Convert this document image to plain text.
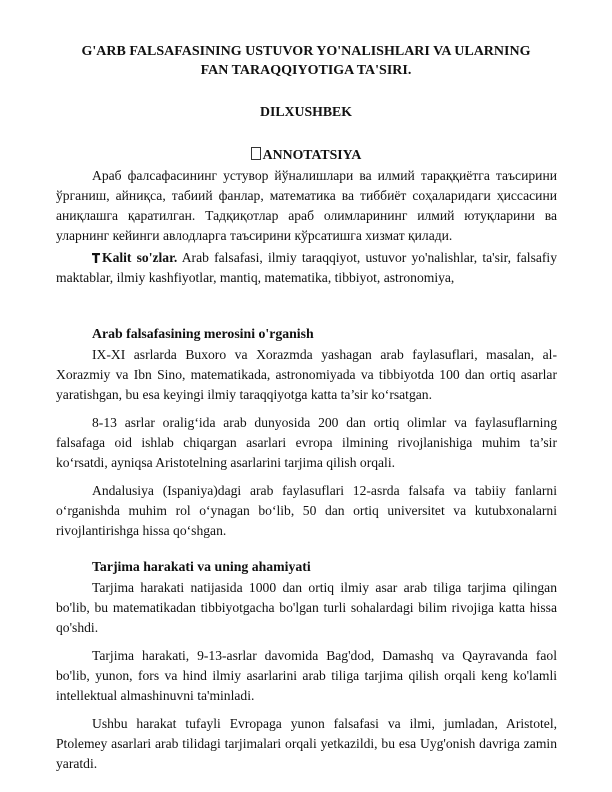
G'ARB FALSAFASINING USTUVOR YO'NALISHLARI VA ULARNING
FAN TARAQQIYOTIGA TA'SIRI.
DILXUSHBEK
ANNOTATSIYA

Араб фалсафасининг устувор йўналишлари ва илмий тараққиётга таъсирини ўрганиш, айниқса, табиий фанлар, математика ва тиббиёт соҳаларидаги ҳиссасини аниқлашга қаратилган. Тадқиқотлар араб олимларининг илмий ютуқларини ва уларнинг кейинги авлодларга таъсирини кўрсатишга хизмат қилади.

Kalit so'zlar. Arab falsafasi, ilmiy taraqqiyot, ustuvor yo'nalishlar, ta'sir, falsafiy maktablar, ilmiy kashfiyotlar, mantiq, matematika, tibbiyot, astronomiya,

Arab falsafasining merosini o'rganish

IX-XI asrlarda Buxoro va Xorazmda yashagan arab faylasuflari, masalan, al-Xorazmiy va Ibn Sino, matematikada, astronomiyada va tibbiyotda 100 dan ortiq asarlar yaratishgan, bu esa keyingi ilmiy taraqqiyotga katta ta’sir ko‘rsatgan.

8-13 asrlar oralig‘ida arab dunyosida 200 dan ortiq olimlar va faylasuflarning falsafaga oid ishlab chiqargan asarlari evropa ilmining rivojlanishiga muhim ta’sir ko‘rsatdi, ayniqsa Aristotelning asarlarini tarjima qilish orqali.

Andalusiya (Ispaniya)dagi arab faylasuflari 12-asrda falsafa va tabiiy fanlarni o‘rganishda muhim rol o‘ynagan bo‘lib, 50 dan ortiq universitet va kutubxonalarni rivojlantirishga hissa qo‘shgan.

Tarjima harakati va uning ahamiyati

Tarjima harakati natijasida 1000 dan ortiq ilmiy asar arab tiliga tarjima qilingan bo'lib, bu matematikadan tibbiyotgacha bo'lgan turli sohalardagi bilim rivojiga katta hissa qo'shdi.

Tarjima harakati, 9-13-asrlar davomida Bag'dod, Damashq va Qayravanda faol bo'lib, yunon, fors va hind ilmiy asarlarini arab tiliga tarjima qilish orqali keng ko'lamli intellektual almashinuvni ta'minladi.

Ushbu harakat tufayli Evropaga yunon falsafasi va ilmi, jumladan, Aristotel, Ptolemey asarlari arab tilidagi tarjimalari orqali yetkazildi, bu esa Uyg'onish davriga zamin yaratdi.
